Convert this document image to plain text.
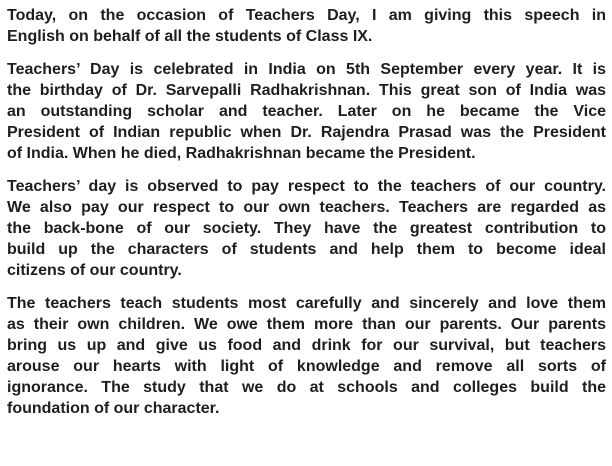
Today, on the occasion of Teachers Day, I am giving this speech in
English on behalf of all the students of Class IX.

Teachers’ Day is celebrated in India on 5th September every year. It is
the birthday of Dr. Sarvepalli Radhakrishnan. This great son of India was
an outstanding scholar and teacher. Later on he became the Vice
President of Indian republic when Dr. Rajendra Prasad was the President
of India. When he died, Radhakrishnan became the President.

Teachers’ day is observed to pay respect to the teachers of our country.
We also pay our respect to our own teachers. Teachers are regarded as
the back-bone of our society. They have the greatest contribution to
build up the characters of students and help them to become ideal
citizens of our country.

The teachers teach students most carefully and sincerely and love them
as their own children. We owe them more than our parents. Our parents
bring us up and give us food and drink for our survival, but teachers
arouse our hearts with light of knowledge and remove all sorts of
ignorance. The study that we do at schools and colleges build the
foundation of our character.
